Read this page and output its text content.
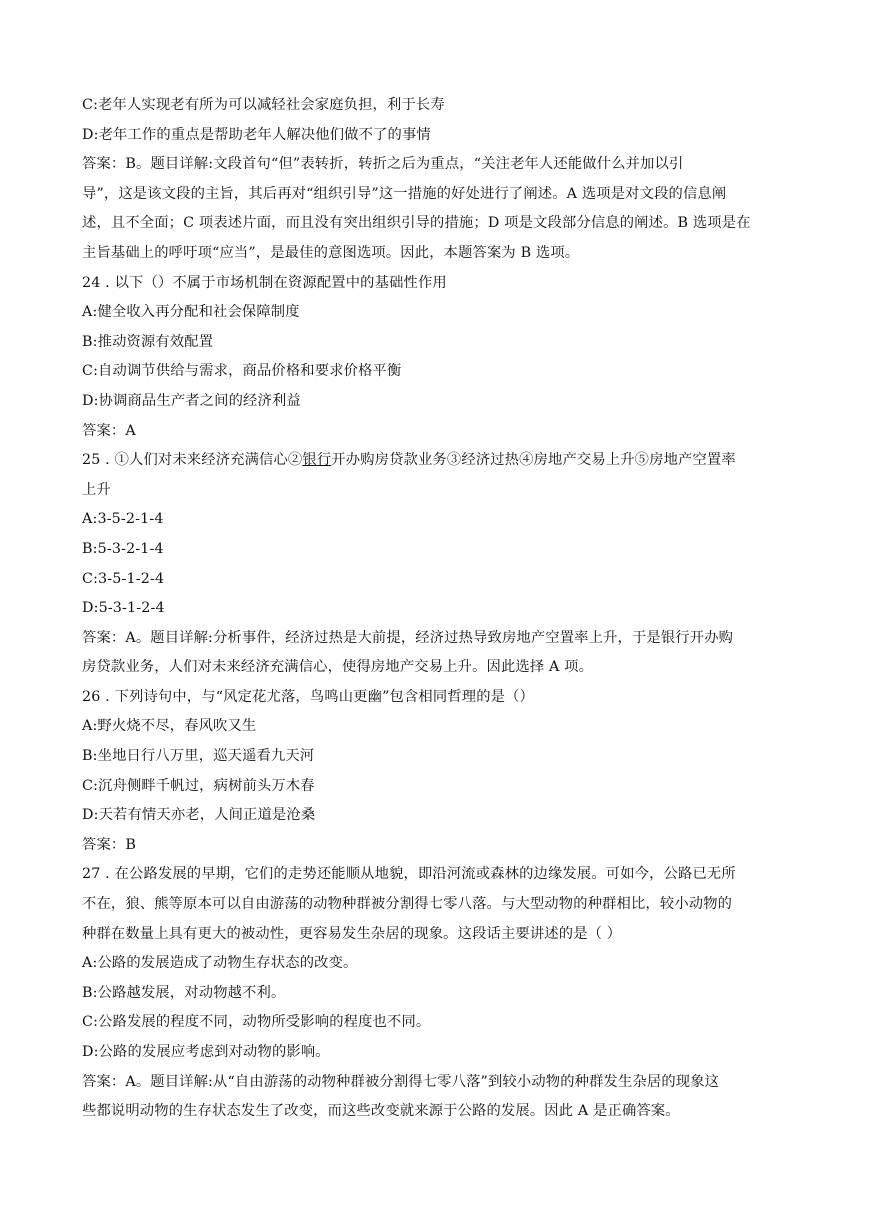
C:老年人实现老有所为可以减轻社会家庭负担，利于长寿
D:老年工作的重点是帮助老年人解决他们做不了的事情
答案：B。题目详解:文段首句“但”表转折，转折之后为重点，“关注老年人还能做什么并加以引
导”，这是该文段的主旨，其后再对“组织引导”这一措施的好处进行了阐述。A 选项是对文段的信息阐
述，且不全面；C 项表述片面，而且没有突出组织引导的措施；D 项是文段部分信息的阐述。B 选项是在
主旨基础上的呼吁项“应当”，是最佳的意图选项。因此，本题答案为 B 选项。
24 . 以下（）不属于市场机制在资源配置中的基础性作用
A:健全收入再分配和社会保障制度
B:推动资源有效配置
C:自动调节供给与需求，商品价格和要求价格平衡
D:协调商品生产者之间的经济利益
答案：A
25 . ①人们对未来经济充满信心②银行开办购房贷款业务③经济过热④房地产交易上升⑤房地产空置率
上升
A:3-5-2-1-4
B:5-3-2-1-4
C:3-5-1-2-4
D:5-3-1-2-4
答案：A。题目详解:分析事件，经济过热是大前提，经济过热导致房地产空置率上升，于是银行开办购
房贷款业务，人们对未来经济充满信心，使得房地产交易上升。因此选择 A 项。
26 . 下列诗句中，与“风定花尤落，鸟鸣山更幽”包含相同哲理的是（）
A:野火烧不尽，春风吹又生
B:坐地日行八万里，巡天遥看九天河
C:沉舟侧畔千帆过，病树前头万木春
D:天若有情天亦老，人间正道是沧桑
答案：B
27 . 在公路发展的早期，它们的走势还能顺从地貌，即沿河流或森林的边缘发展。可如今，公路已无所
不在，狼、熊等原本可以自由游荡的动物种群被分割得七零八落。与大型动物的种群相比，较小动物的
种群在数量上具有更大的被动性，更容易发生杂居的现象。这段话主要讲述的是（ ）
A:公路的发展造成了动物生存状态的改变。
B:公路越发展，对动物越不利。
C:公路发展的程度不同，动物所受影响的程度也不同。
D:公路的发展应考虑到对动物的影响。
答案：A。题目详解:从“自由游荡的动物种群被分割得七零八落”到较小动物的种群发生杂居的现象这
些都说明动物的生存状态发生了改变，而这些改变就来源于公路的发展。因此 A 是正确答案。
